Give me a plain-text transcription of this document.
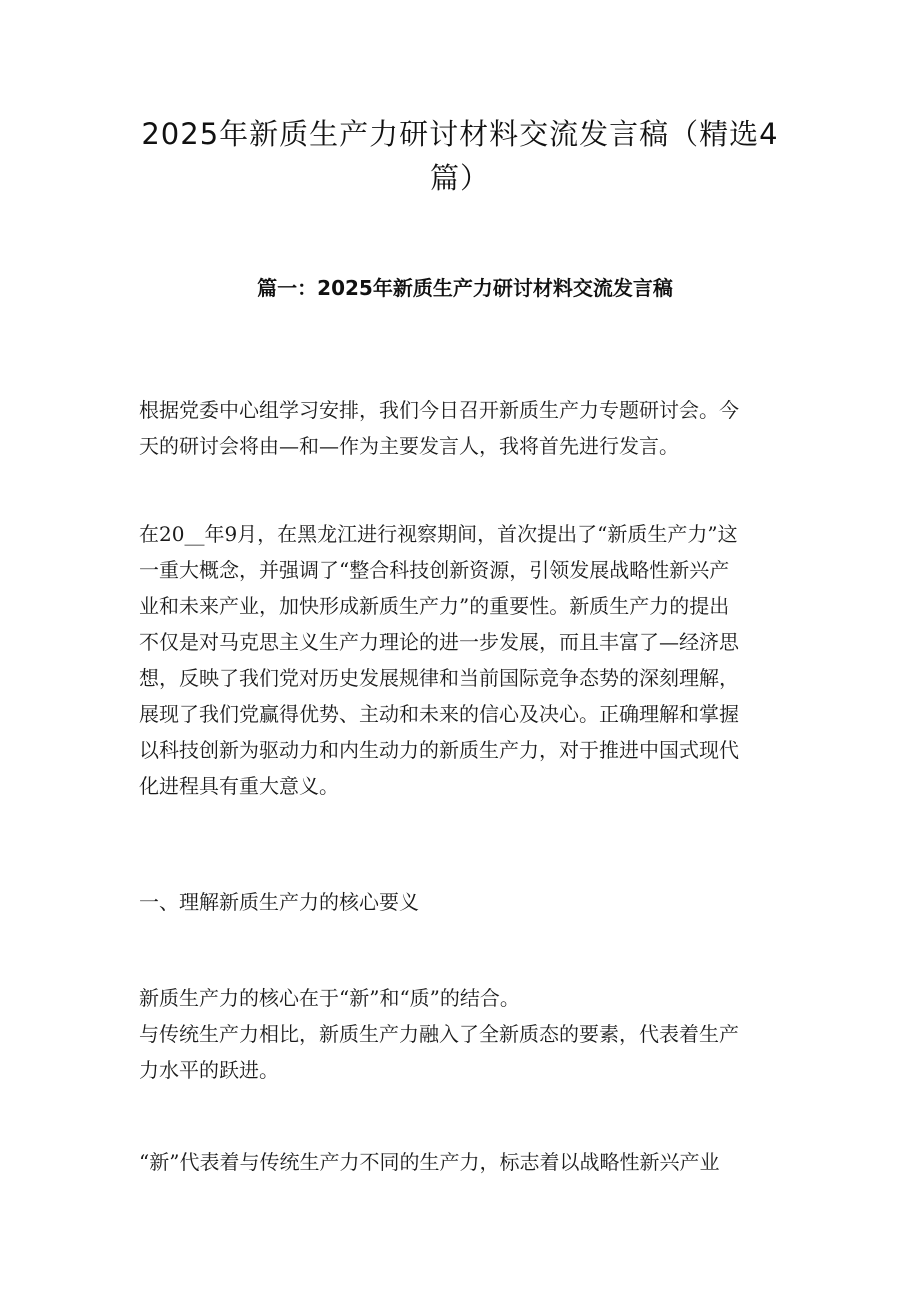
2025年新质生产力研讨材料交流发言稿（精选4
篇）
篇一：2025年新质生产力研讨材料交流发言稿

根据党委中心组学习安排，我们今日召开新质生产力专题研讨会。今
天的研讨会将由—和—作为主要发言人，我将首先进行发言。

在20__年9月，在黑龙江进行视察期间，首次提出了“新质生产力”这
一重大概念，并强调了“整合科技创新资源，引领发展战略性新兴产
业和未来产业，加快形成新质生产力”的重要性。新质生产力的提出
不仅是对马克思主义生产力理论的进一步发展，而且丰富了—经济思
想，反映了我们党对历史发展规律和当前国际竞争态势的深刻理解，
展现了我们党赢得优势、主动和未来的信心及决心。正确理解和掌握
以科技创新为驱动力和内生动力的新质生产力，对于推进中国式现代
化进程具有重大意义。

一、理解新质生产力的核心要义

新质生产力的核心在于“新”和“质”的结合。
与传统生产力相比，新质生产力融入了全新质态的要素，代表着生产
力水平的跃进。

“新”代表着与传统生产力不同的生产力，标志着以战略性新兴产业
